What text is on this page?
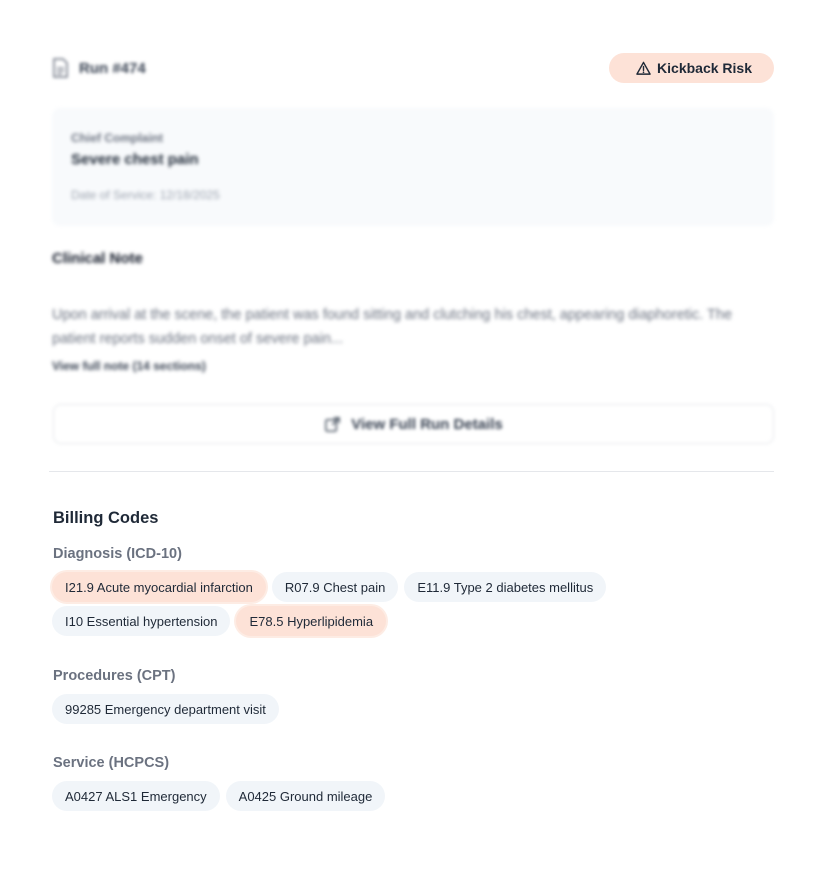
Run #474	Kickback Risk
Chief Complaint
Severe chest pain
Date of Service: 12/18/2025
Clinical Note
Upon arrival at the scene, the patient was found sitting and clutching his chest, appearing diaphoretic. The patient reports sudden onset of severe pain...
View full note (14 sections)
View Full Run Details
Billing Codes
Diagnosis (ICD-10)
I21.9 Acute myocardial infarction	R07.9 Chest pain	E11.9 Type 2 diabetes mellitus
I10 Essential hypertension	E78.5 Hyperlipidemia
Procedures (CPT)
99285 Emergency department visit
Service (HCPCS)
A0427 ALS1 Emergency	A0425 Ground mileage
